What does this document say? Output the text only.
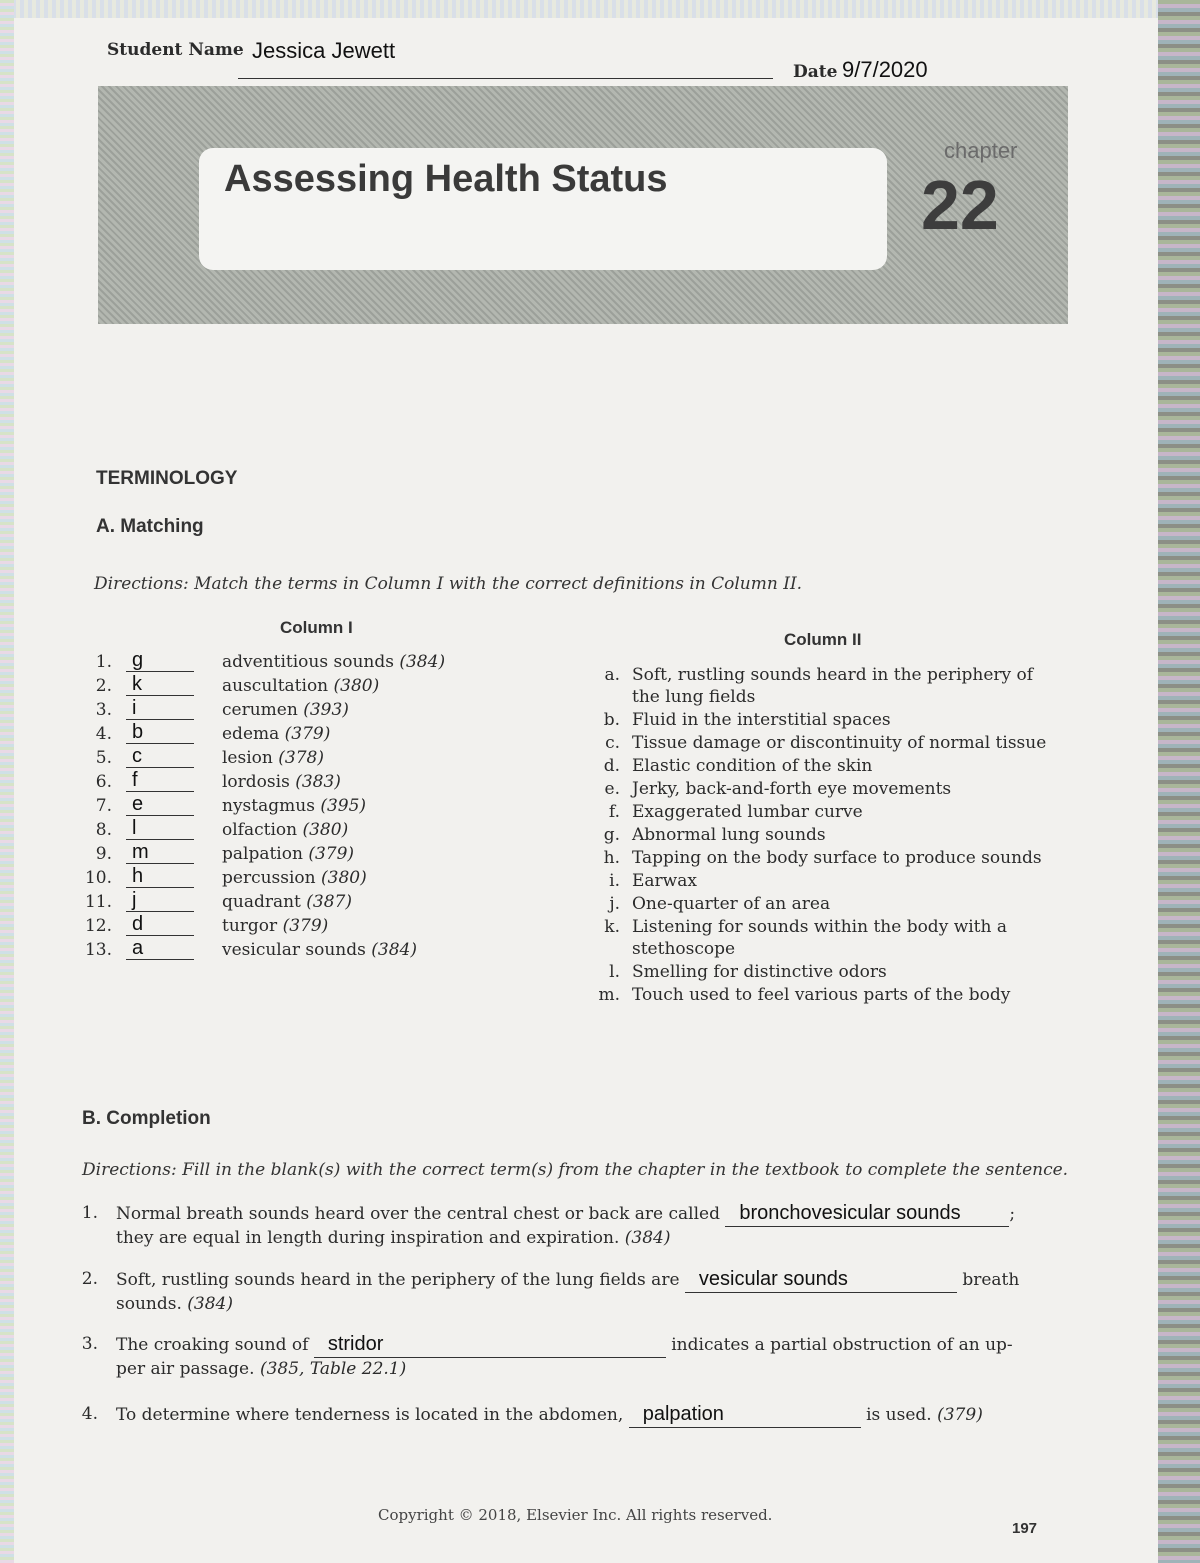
Student Name Jessica Jewett
Date 9/7/2020
Assessing Health Status
chapter
22
TERMINOLOGY
A. Matching
Directions: Match the terms in Column I with the correct definitions in Column II.
Column I
Column II
1.	g	adventitious sounds (384)
2.	k	auscultation (380)
3.	i	cerumen (393)
4.	b	edema (379)
5.	c	lesion (378)
6.	f	lordosis (383)
7.	e	nystagmus (395)
8.	l	olfaction (380)
9.	m	palpation (379)
10.	h	percussion (380)
11.	j	quadrant (387)
12.	d	turgor (379)
13.	a	vesicular sounds (384)
a. Soft, rustling sounds heard in the periphery of the lung fields
b. Fluid in the interstitial spaces
c. Tissue damage or discontinuity of normal tissue
d. Elastic condition of the skin
e. Jerky, back-and-forth eye movements
f. Exaggerated lumbar curve
g. Abnormal lung sounds
h. Tapping on the body surface to produce sounds
i. Earwax
j. One-quarter of an area
k. Listening for sounds within the body with a stethoscope
l. Smelling for distinctive odors
m. Touch used to feel various parts of the body
B. Completion
Directions: Fill in the blank(s) with the correct term(s) from the chapter in the textbook to complete the sentence.
1. Normal breath sounds heard over the central chest or back are called bronchovesicular sounds	;
they are equal in length during inspiration and expiration. (384)
2. Soft, rustling sounds heard in the periphery of the lung fields are vesicular sounds	breath
sounds. (384)
3. The croaking sound of stridor	indicates a partial obstruction of an up-
per air passage. (385, Table 22.1)
4. To determine where tenderness is located in the abdomen, palpation	is used. (379)
Copyright © 2018, Elsevier Inc. All rights reserved.
197
